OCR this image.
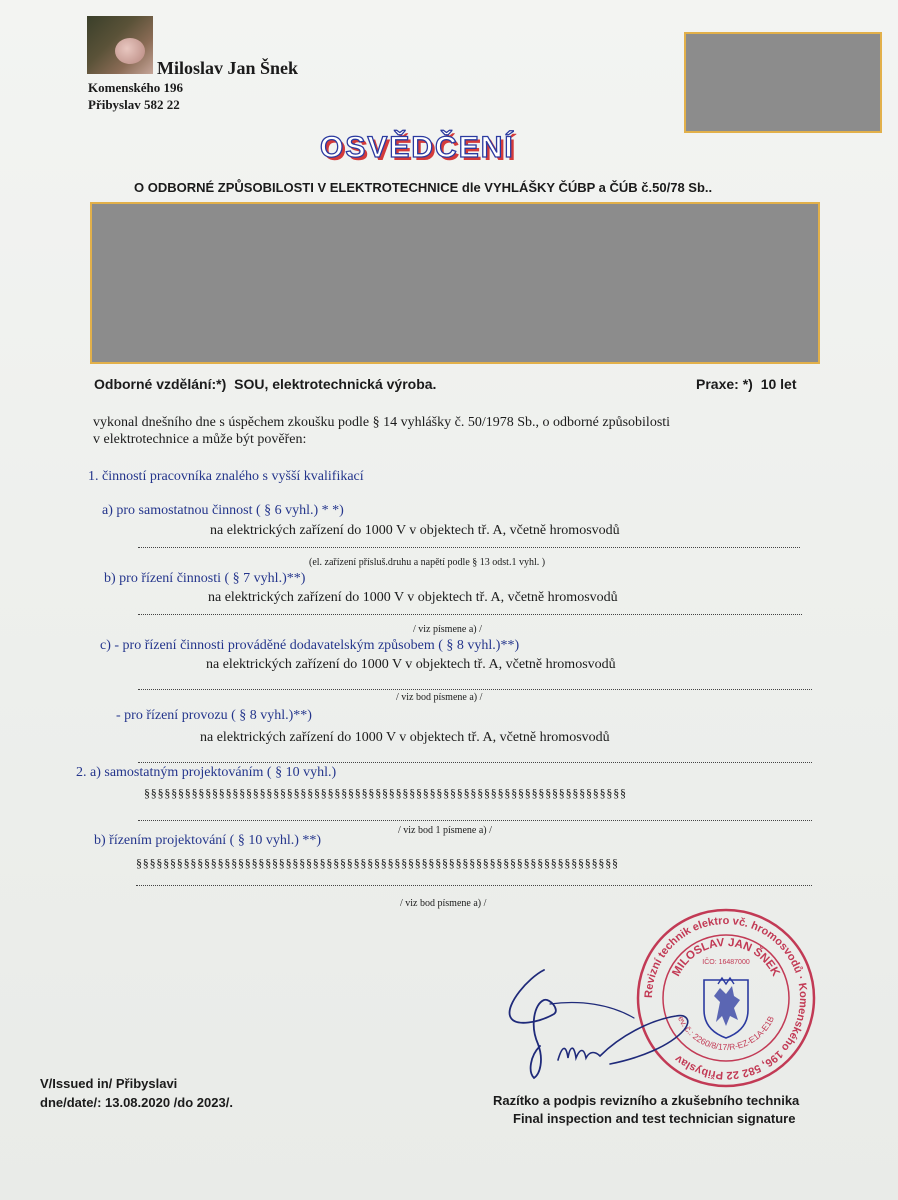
Miloslav Jan Šnek
Komenského 196
Přibyslav 582 22
OSVĚDČENÍ
O ODBORNÉ ZPŮSOBILOSTI V ELEKTROTECHNICE dle VYHLÁŠKY ČÚBP a ČÚB č.50/78 Sb..
Odborné vzdělání:*) SOU, elektrotechnická výroba.	Praxe: *) 10 let
vykonal dnešního dne s úspěchem zkoušku podle § 14 vyhlášky č. 50/1978 Sb., o odborné způsobilosti
v elektrotechnice a může být pověřen:
1. činností pracovníka znalého s vyšší kvalifikací
a) pro samostatnou činnost ( § 6 vyhl.) * *)
na elektrických zařízení do 1000 V v objektech tř. A, včetně hromosvodů
(el. zařízení přísluš.druhu a napětí podle § 13 odst.1 vyhl. )
b) pro řízení činnosti ( § 7 vyhl.)**)
na elektrických zařízení do 1000 V v objektech tř. A, včetně hromosvodů
/ viz písmene a) /
c) - pro řízení činnosti prováděné dodavatelským způsobem ( § 8 vyhl.)**)
na elektrických zařízení do 1000 V v objektech tř. A, včetně hromosvodů
/ viz bod písmene a) /
- pro řízení provozu ( § 8 vyhl.)**)
na elektrických zařízení do 1000 V v objektech tř. A, včetně hromosvodů
2. a) samostatným projektováním ( § 10 vyhl.)
§§§§§§§§§§§§§§§§§§§§§§§§§§§§§§§§§§§§§§§§§§§§§§§§§§§§§§§§§§§§§§§§§§§§§§§
/ viz bod 1 písmene a) /
b) řízením projektování ( § 10 vyhl.) **)
§§§§§§§§§§§§§§§§§§§§§§§§§§§§§§§§§§§§§§§§§§§§§§§§§§§§§§§§§§§§§§§§§§§§§§§
/ viz bod písmene a) /
Revizní technik elektro vč. hromosvodů · Komenského 196, 582 22 Přibyslav
MILOSLAV JAN ŠNEK
ev. č.: 2260/8/17/R-EZ-E1A-E1B
IČO: 16487000
V/Issued in/ Přibyslavi
dne/date/: 13.08.2020 /do 2023/.	Razítko a podpis revizního a zkušebního technika
Final inspection and test technician signature
